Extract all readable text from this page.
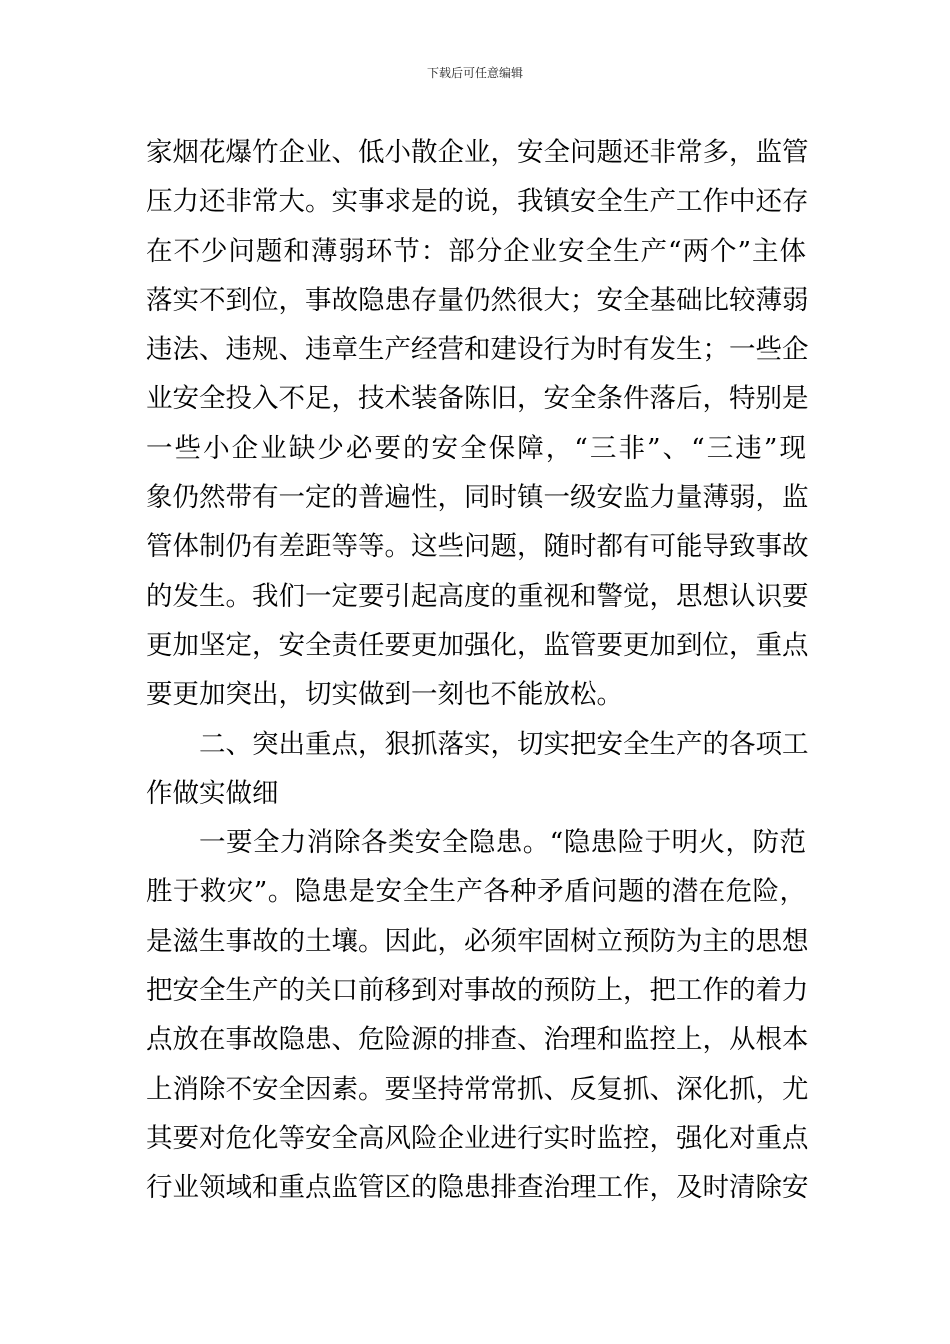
下载后可任意编辑
家烟花爆竹企业、低小散企业，安全问题还非常多，监管
压力还非常大。实事求是的说，我镇安全生产工作中还存
在不少问题和薄弱环节：部分企业安全生产“两个”主体
落实不到位，事故隐患存量仍然很大；安全基础比较薄弱
违法、违规、违章生产经营和建设行为时有发生；一些企
业安全投入不足，技术装备陈旧，安全条件落后，特别是
一些小企业缺少必要的安全保障，“三非”、“三违”现
象仍然带有一定的普遍性，同时镇一级安监力量薄弱，监
管体制仍有差距等等。这些问题，随时都有可能导致事故
的发生。我们一定要引起高度的重视和警觉，思想认识要
更加坚定，安全责任要更加强化，监管要更加到位，重点
要更加突出，切实做到一刻也不能放松。
二、突出重点，狠抓落实，切实把安全生产的各项工
作做实做细
一要全力消除各类安全隐患。“隐患险于明火，防范
胜于救灾”。隐患是安全生产各种矛盾问题的潜在危险，
是滋生事故的土壤。因此，必须牢固树立预防为主的思想
把安全生产的关口前移到对事故的预防上，把工作的着力
点放在事故隐患、危险源的排查、治理和监控上，从根本
上消除不安全因素。要坚持常常抓、反复抓、深化抓，尤
其要对危化等安全高风险企业进行实时监控，强化对重点
行业领域和重点监管区的隐患排查治理工作，及时清除安
